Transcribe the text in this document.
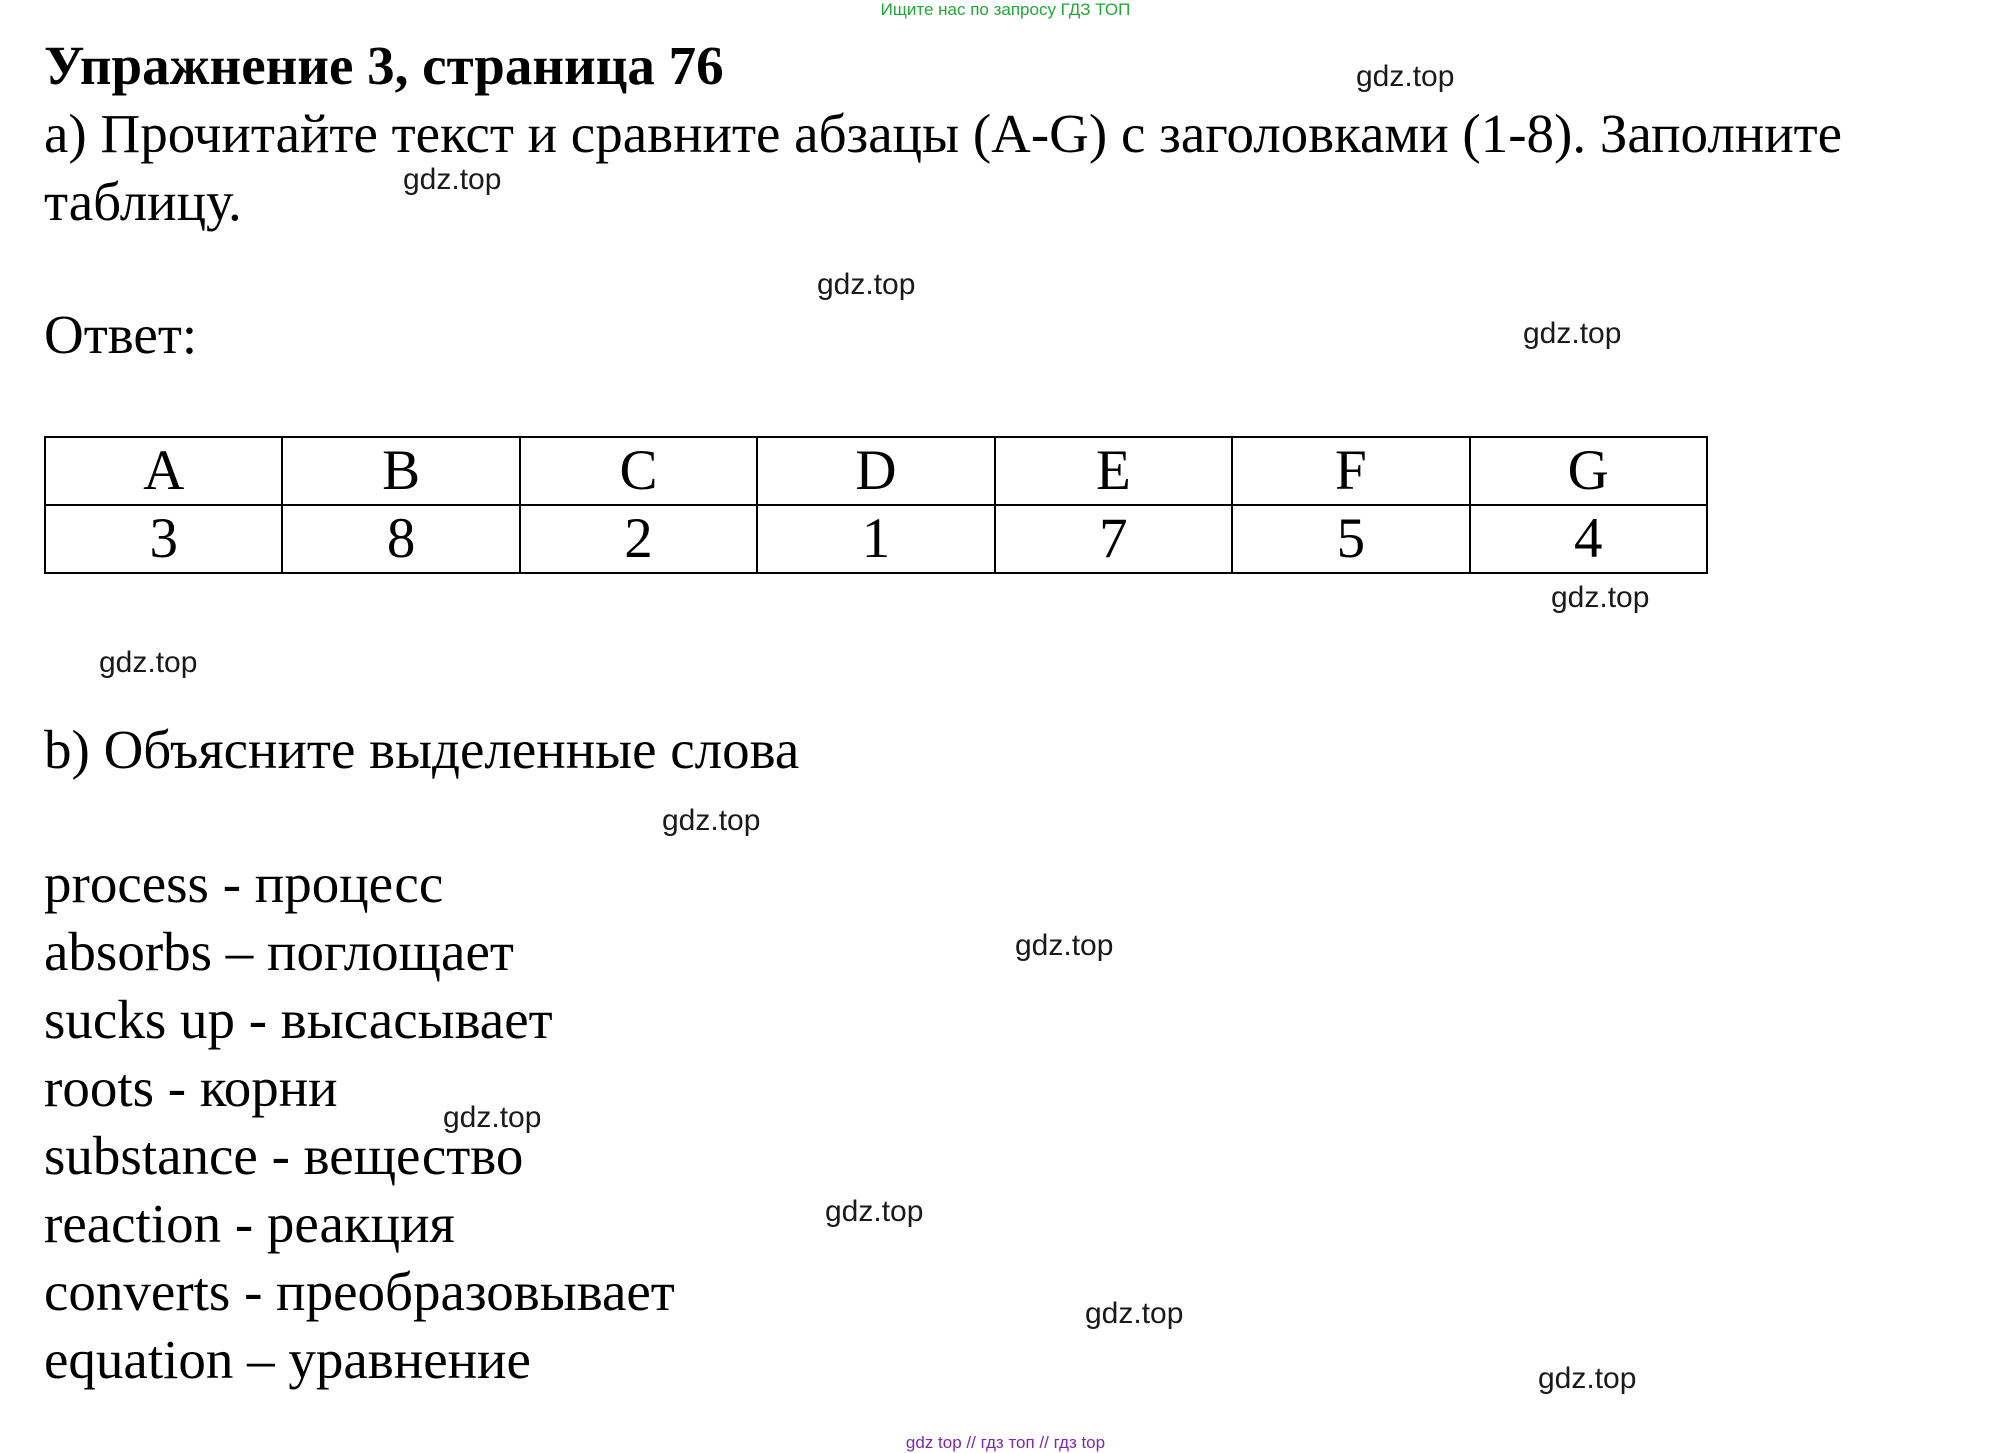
Ищите нас по запросу ГДЗ ТОП
Упражнение 3, страница 76
a) Прочитайте текст и сравните абзацы (A-G) с заголовками (1-8). Заполните таблицу.
Ответ:
A	B	C	D	E	F	G
3	8	2	1	7	5	4
b) Объясните выделенные слова
process - процесс
absorbs – поглощает
sucks up - высасывает
roots - корни
substance - вещество
reaction - реакция
converts - преобразовывает
equation – уравнение
gdz.top
gdz.top
gdz.top
gdz.top
gdz.top
gdz.top
gdz.top
gdz.top
gdz.top
gdz.top
gdz.top
gdz.top
gdz top // гдз топ // гдз top
